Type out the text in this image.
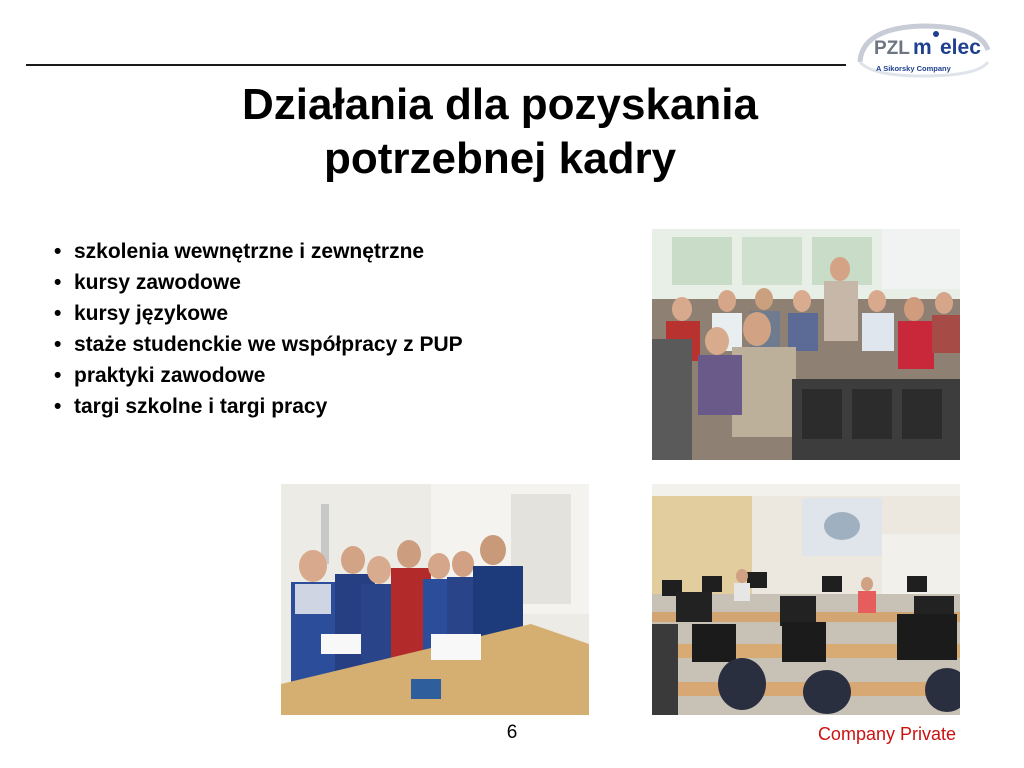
PZL m elec
A Sikorsky Company
Działania dla pozyskania
potrzebnej kadry
• szkolenia wewnętrzne i zewnętrzne
• kursy zawodowe
• kursy językowe
• staże studenckie we współpracy z PUP
• praktyki zawodowe
• targi szkolne i targi pracy
6	Company Private
